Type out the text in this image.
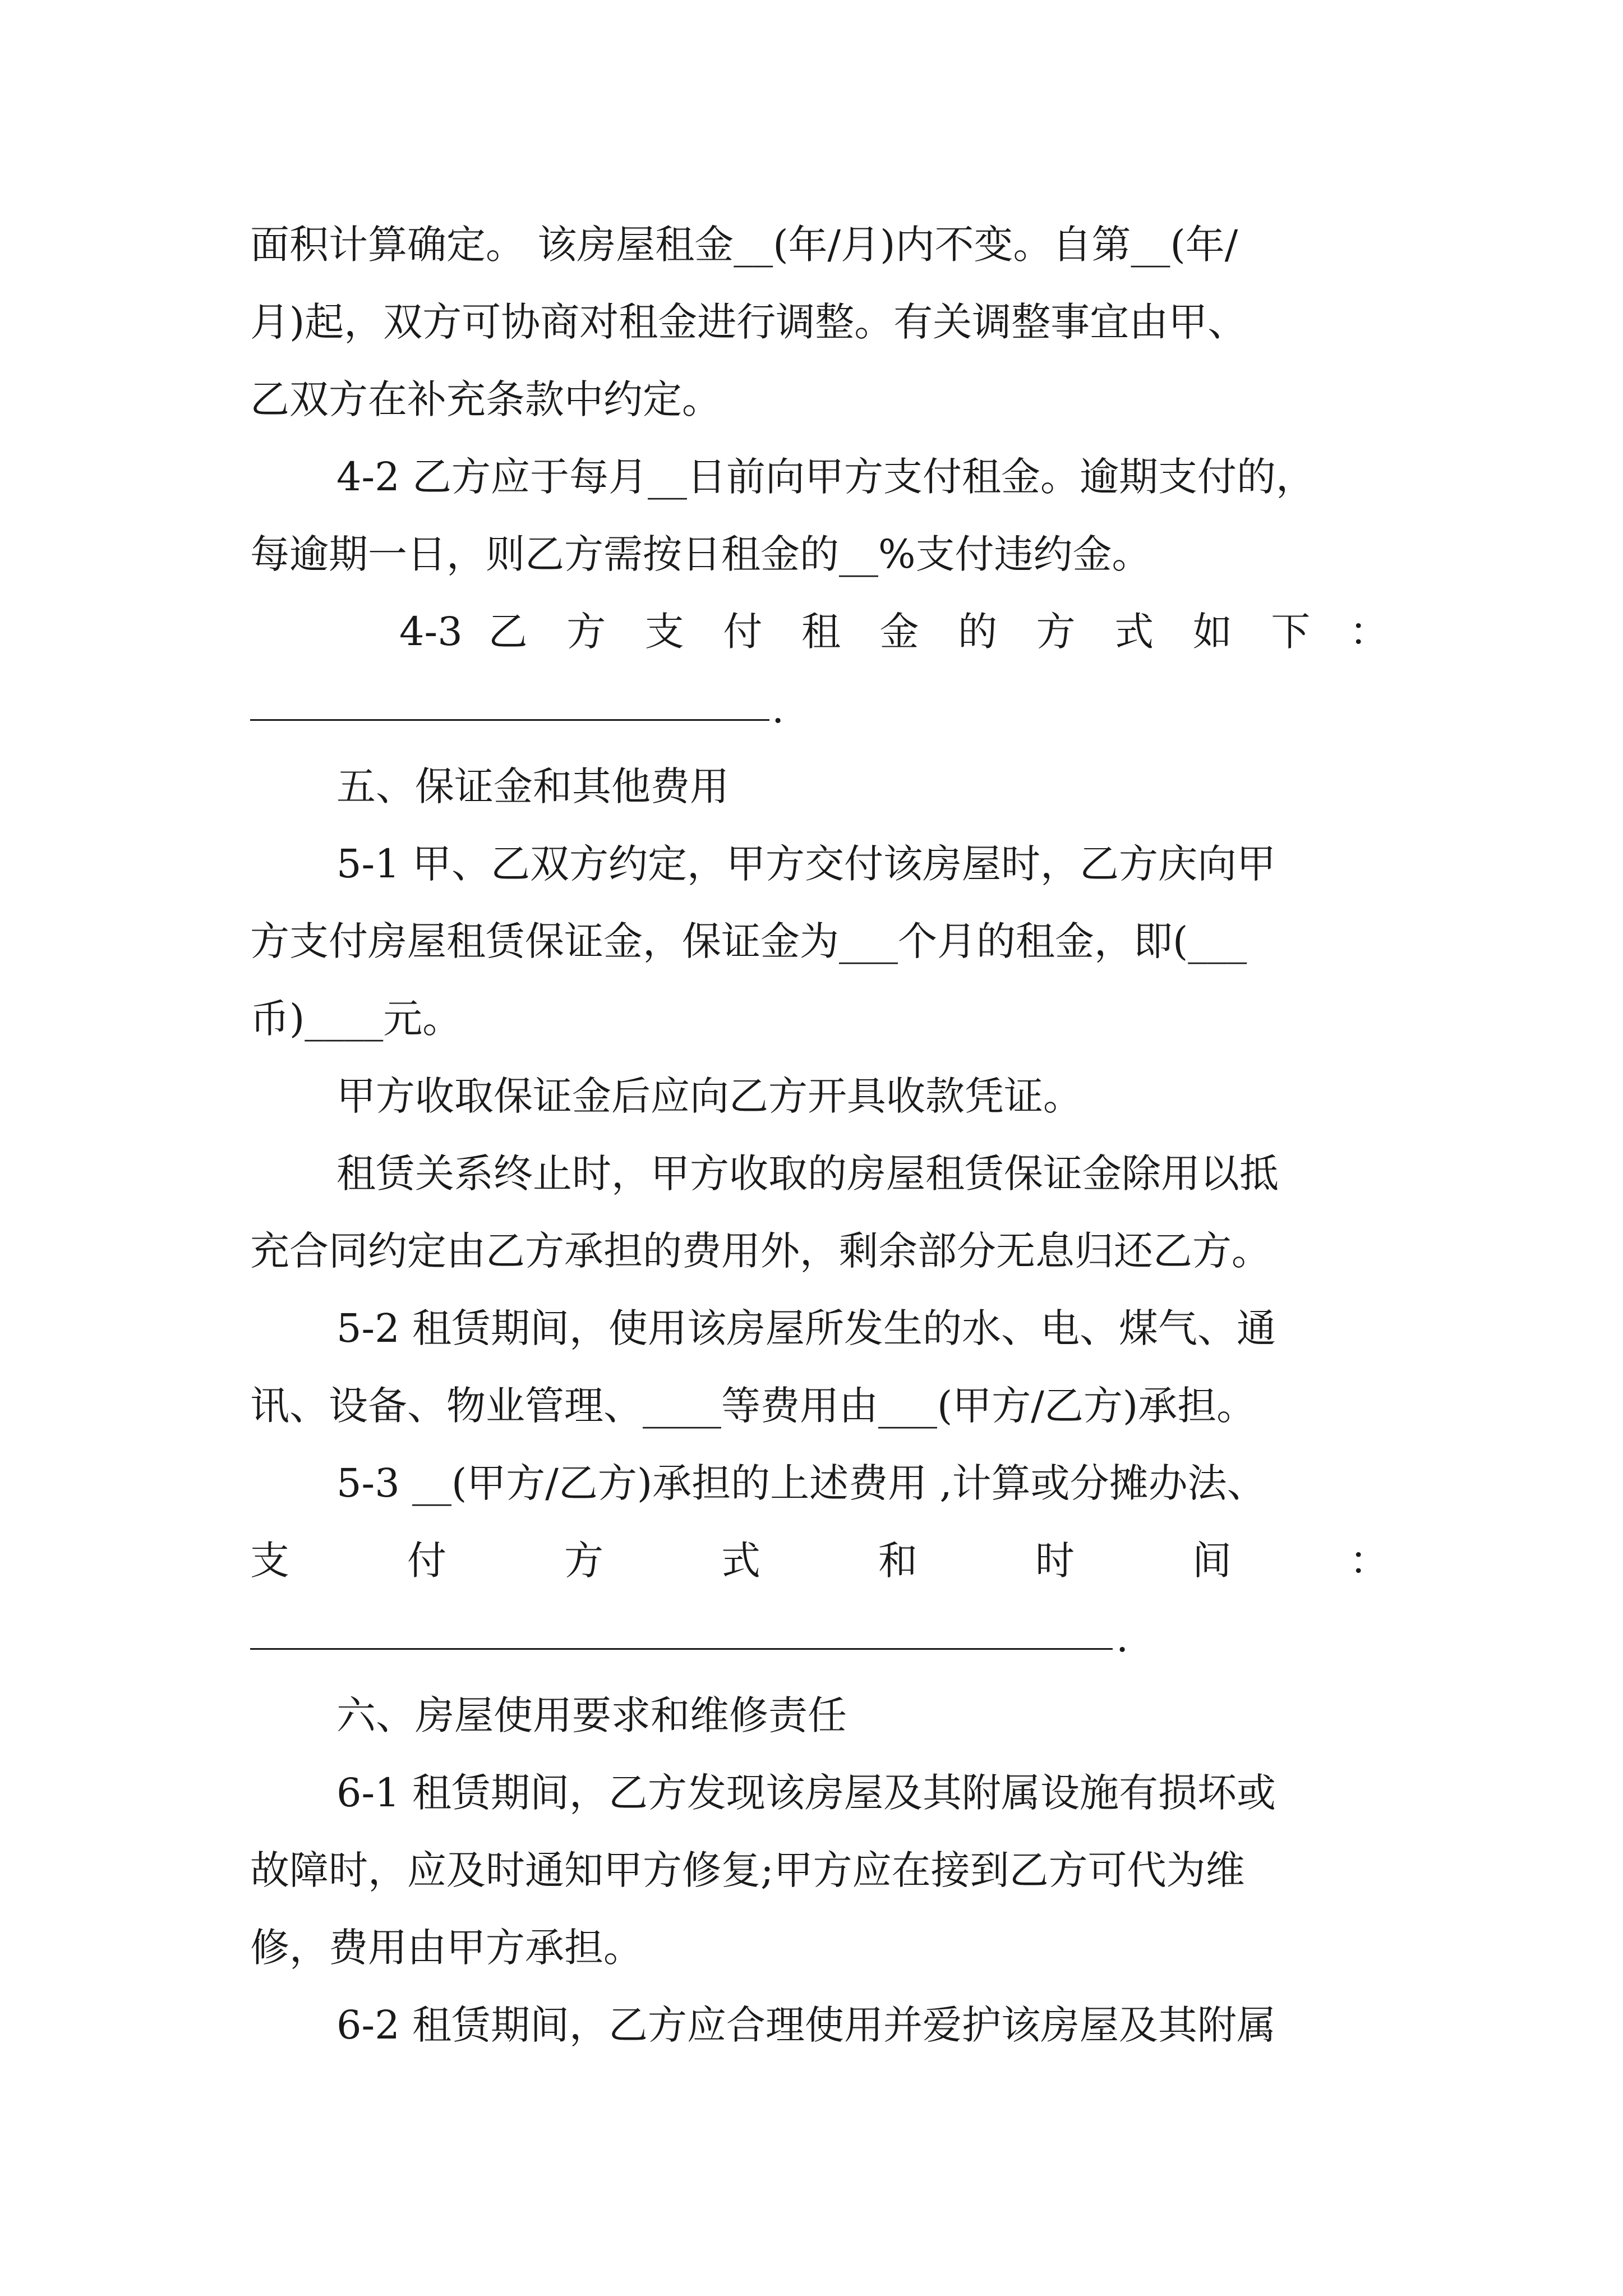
面积计算确定。 该房屋租金__(年/月)内不变。自第__(年/
月)起，双方可协商对租金进行调整。有关调整事宜由甲、
乙双方在补充条款中约定。
4-2 乙方应于每月__日前向甲方支付租金。逾期支付的，
每逾期一日，则乙方需按日租金的__%支付违约金。
4-3 乙 方 支 付 租 金 的 方 式 如 下 ：
.
五、保证金和其他费用
5-1 甲、乙双方约定，甲方交付该房屋时，乙方庆向甲
方支付房屋租赁保证金，保证金为___个月的租金，即(___
币)____元。
甲方收取保证金后应向乙方开具收款凭证。
租赁关系终止时，甲方收取的房屋租赁保证金除用以抵
充合同约定由乙方承担的费用外，剩余部分无息归还乙方。
5-2 租赁期间，使用该房屋所发生的水、电、煤气、通
讯、设备、物业管理、____等费用由___(甲方/乙方)承担。
5-3 __(甲方/乙方)承担的上述费用 ,计算或分摊办法、
支 付 方 式 和 时 间 ：
.
六、房屋使用要求和维修责任
6-1 租赁期间，乙方发现该房屋及其附属设施有损坏或
故障时，应及时通知甲方修复;甲方应在接到乙方可代为维
修，费用由甲方承担。
6-2 租赁期间，乙方应合理使用并爱护该房屋及其附属
